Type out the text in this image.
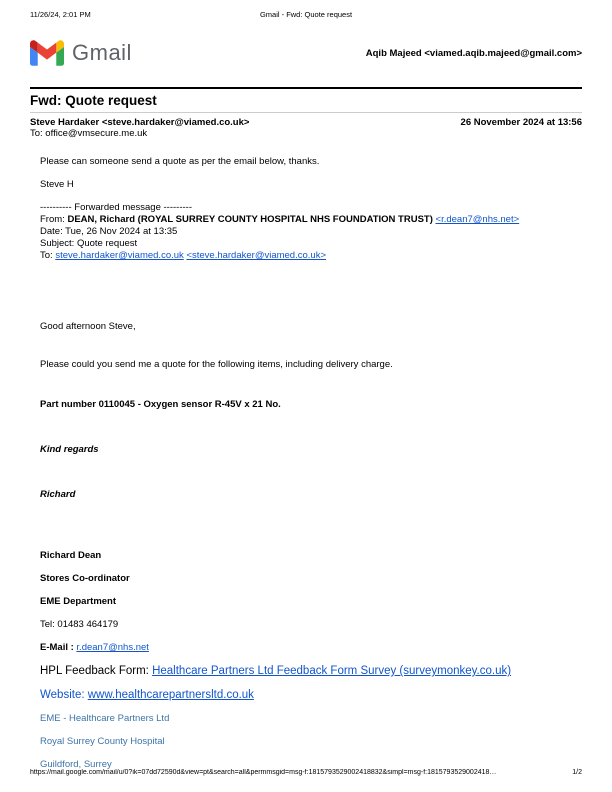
11/26/24, 2:01 PM	Gmail - Fwd: Quote request
Gmail	Aqib Majeed <viamed.aqib.majeed@gmail.com>
Fwd: Quote request
Steve Hardaker <steve.hardaker@viamed.co.uk>	26 November 2024 at 13:56
To: office@vmsecure.me.uk
Please can someone send a quote as per the email below, thanks.
Steve H
---------- Forwarded message ---------
From: DEAN, Richard (ROYAL SURREY COUNTY HOSPITAL NHS FOUNDATION TRUST) <r.dean7@nhs.net>
Date: Tue, 26 Nov 2024 at 13:35
Subject: Quote request
To: steve.hardaker@viamed.co.uk <steve.hardaker@viamed.co.uk>
Good afternoon Steve,
Please could you send me a quote for the following items, including delivery charge.
Part number 0110045 - Oxygen sensor R-45V x 21 No.
Kind regards
Richard
Richard Dean
Stores Co-ordinator
EME Department
Tel: 01483 464179
E-Mail : r.dean7@nhs.net
HPL Feedback Form: Healthcare Partners Ltd Feedback Form Survey (surveymonkey.co.uk)
Website: www.healthcarepartnersltd.co.uk
EME - Healthcare Partners Ltd
Royal Surrey County Hospital
Guildford, Surrey
https://mail.google.com/mail/u/0?ik=07dd72590d&view=pt&search=all&permmsgid=msg-f:1815793529002418832&simpl=msg-f:1815793529002418…	1/2
